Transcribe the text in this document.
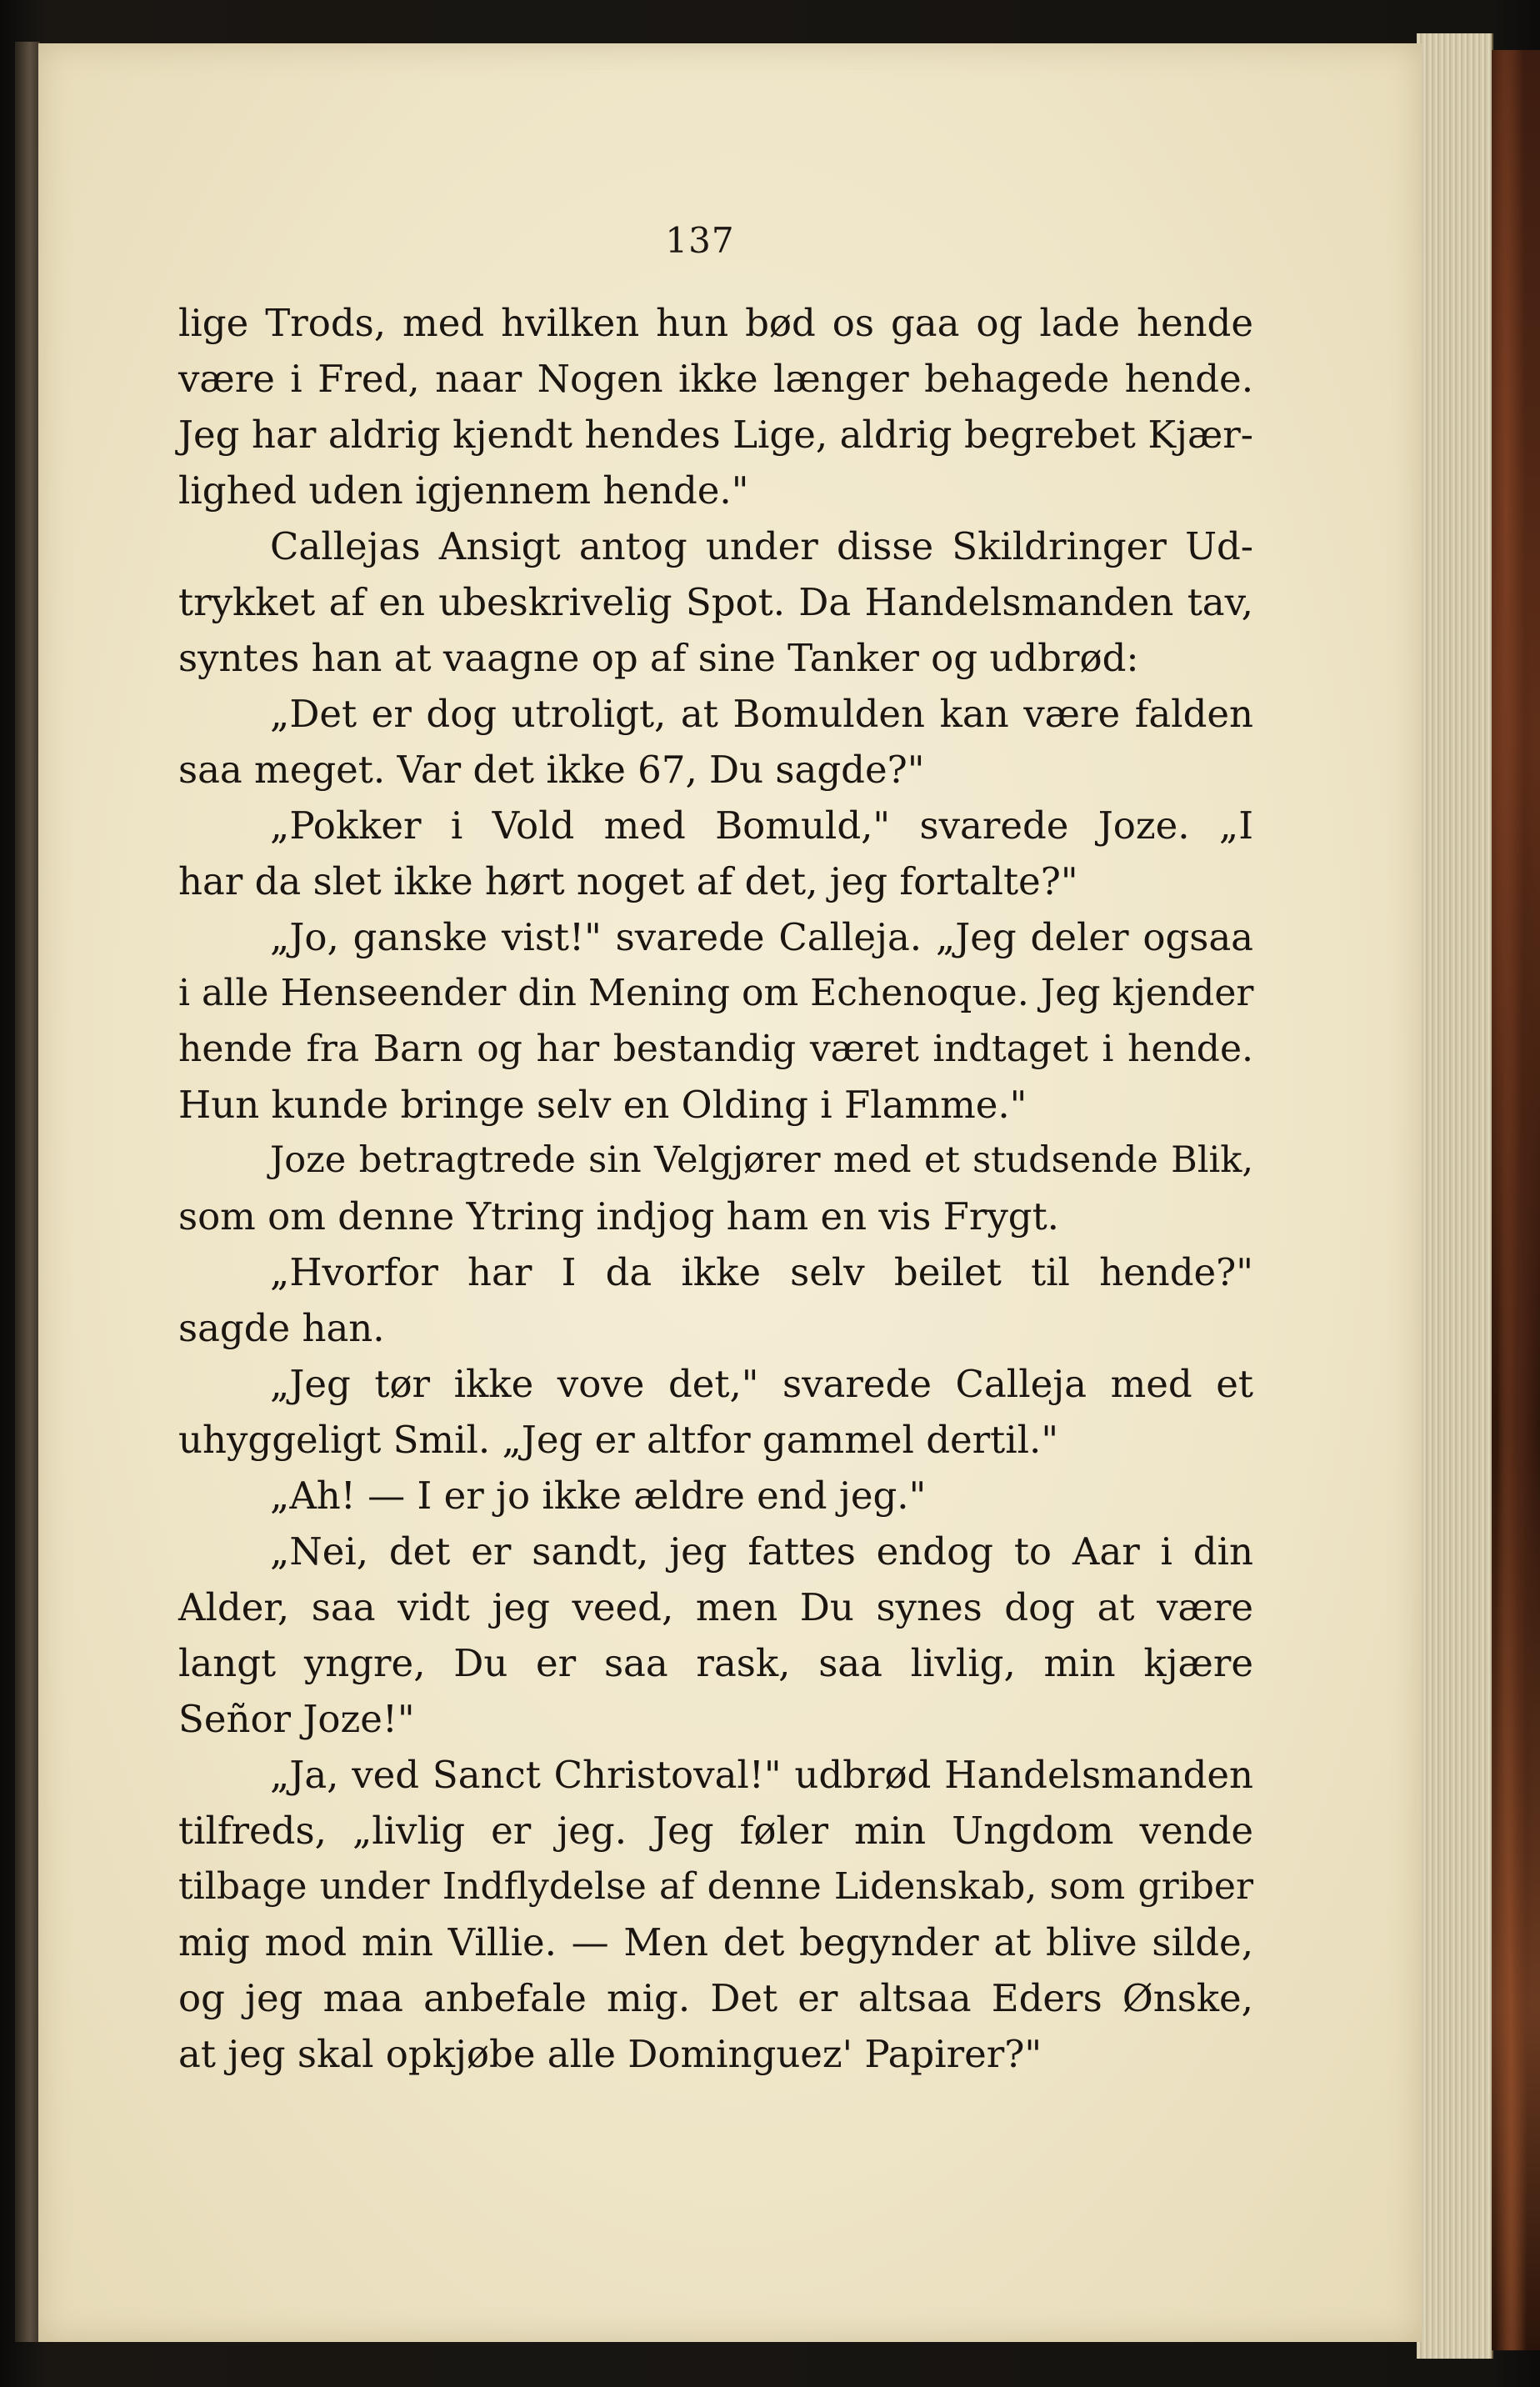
137
lige Trods, med hvilken hun bød os gaa og lade hende
være i Fred, naar Nogen ikke længer behagede hende.
Jeg har aldrig kjendt hendes Lige, aldrig begrebet Kjær-
lighed uden igjennem hende."
Callejas Ansigt antog under disse Skildringer Ud-
trykket af en ubeskrivelig Spot. Da Handelsmanden tav,
syntes han at vaagne op af sine Tanker og udbrød:
„Det er dog utroligt, at Bomulden kan være falden
saa meget. Var det ikke 67, Du sagde?"
„Pokker i Vold med Bomuld," svarede Joze. „I
har da slet ikke hørt noget af det, jeg fortalte?"
„Jo, ganske vist!" svarede Calleja. „Jeg deler ogsaa
i alle Henseender din Mening om Echenoque. Jeg kjender
hende fra Barn og har bestandig været indtaget i hende.
Hun kunde bringe selv en Olding i Flamme."
Joze betragtrede sin Velgjører med et studsende Blik,
som om denne Ytring indjog ham en vis Frygt.
„Hvorfor har I da ikke selv beilet til hende?"
sagde han.
„Jeg tør ikke vove det," svarede Calleja med et
uhyggeligt Smil. „Jeg er altfor gammel dertil."
„Ah! — I er jo ikke ældre end jeg."
„Nei, det er sandt, jeg fattes endog to Aar i din
Alder, saa vidt jeg veed, men Du synes dog at være
langt yngre, Du er saa rask, saa livlig, min kjære
Señor Joze!"
„Ja, ved Sanct Christoval!" udbrød Handelsmanden
tilfreds, „livlig er jeg. Jeg føler min Ungdom vende
tilbage under Indflydelse af denne Lidenskab, som griber
mig mod min Villie. — Men det begynder at blive silde,
og jeg maa anbefale mig. Det er altsaa Eders Ønske,
at jeg skal opkjøbe alle Dominguez' Papirer?"
